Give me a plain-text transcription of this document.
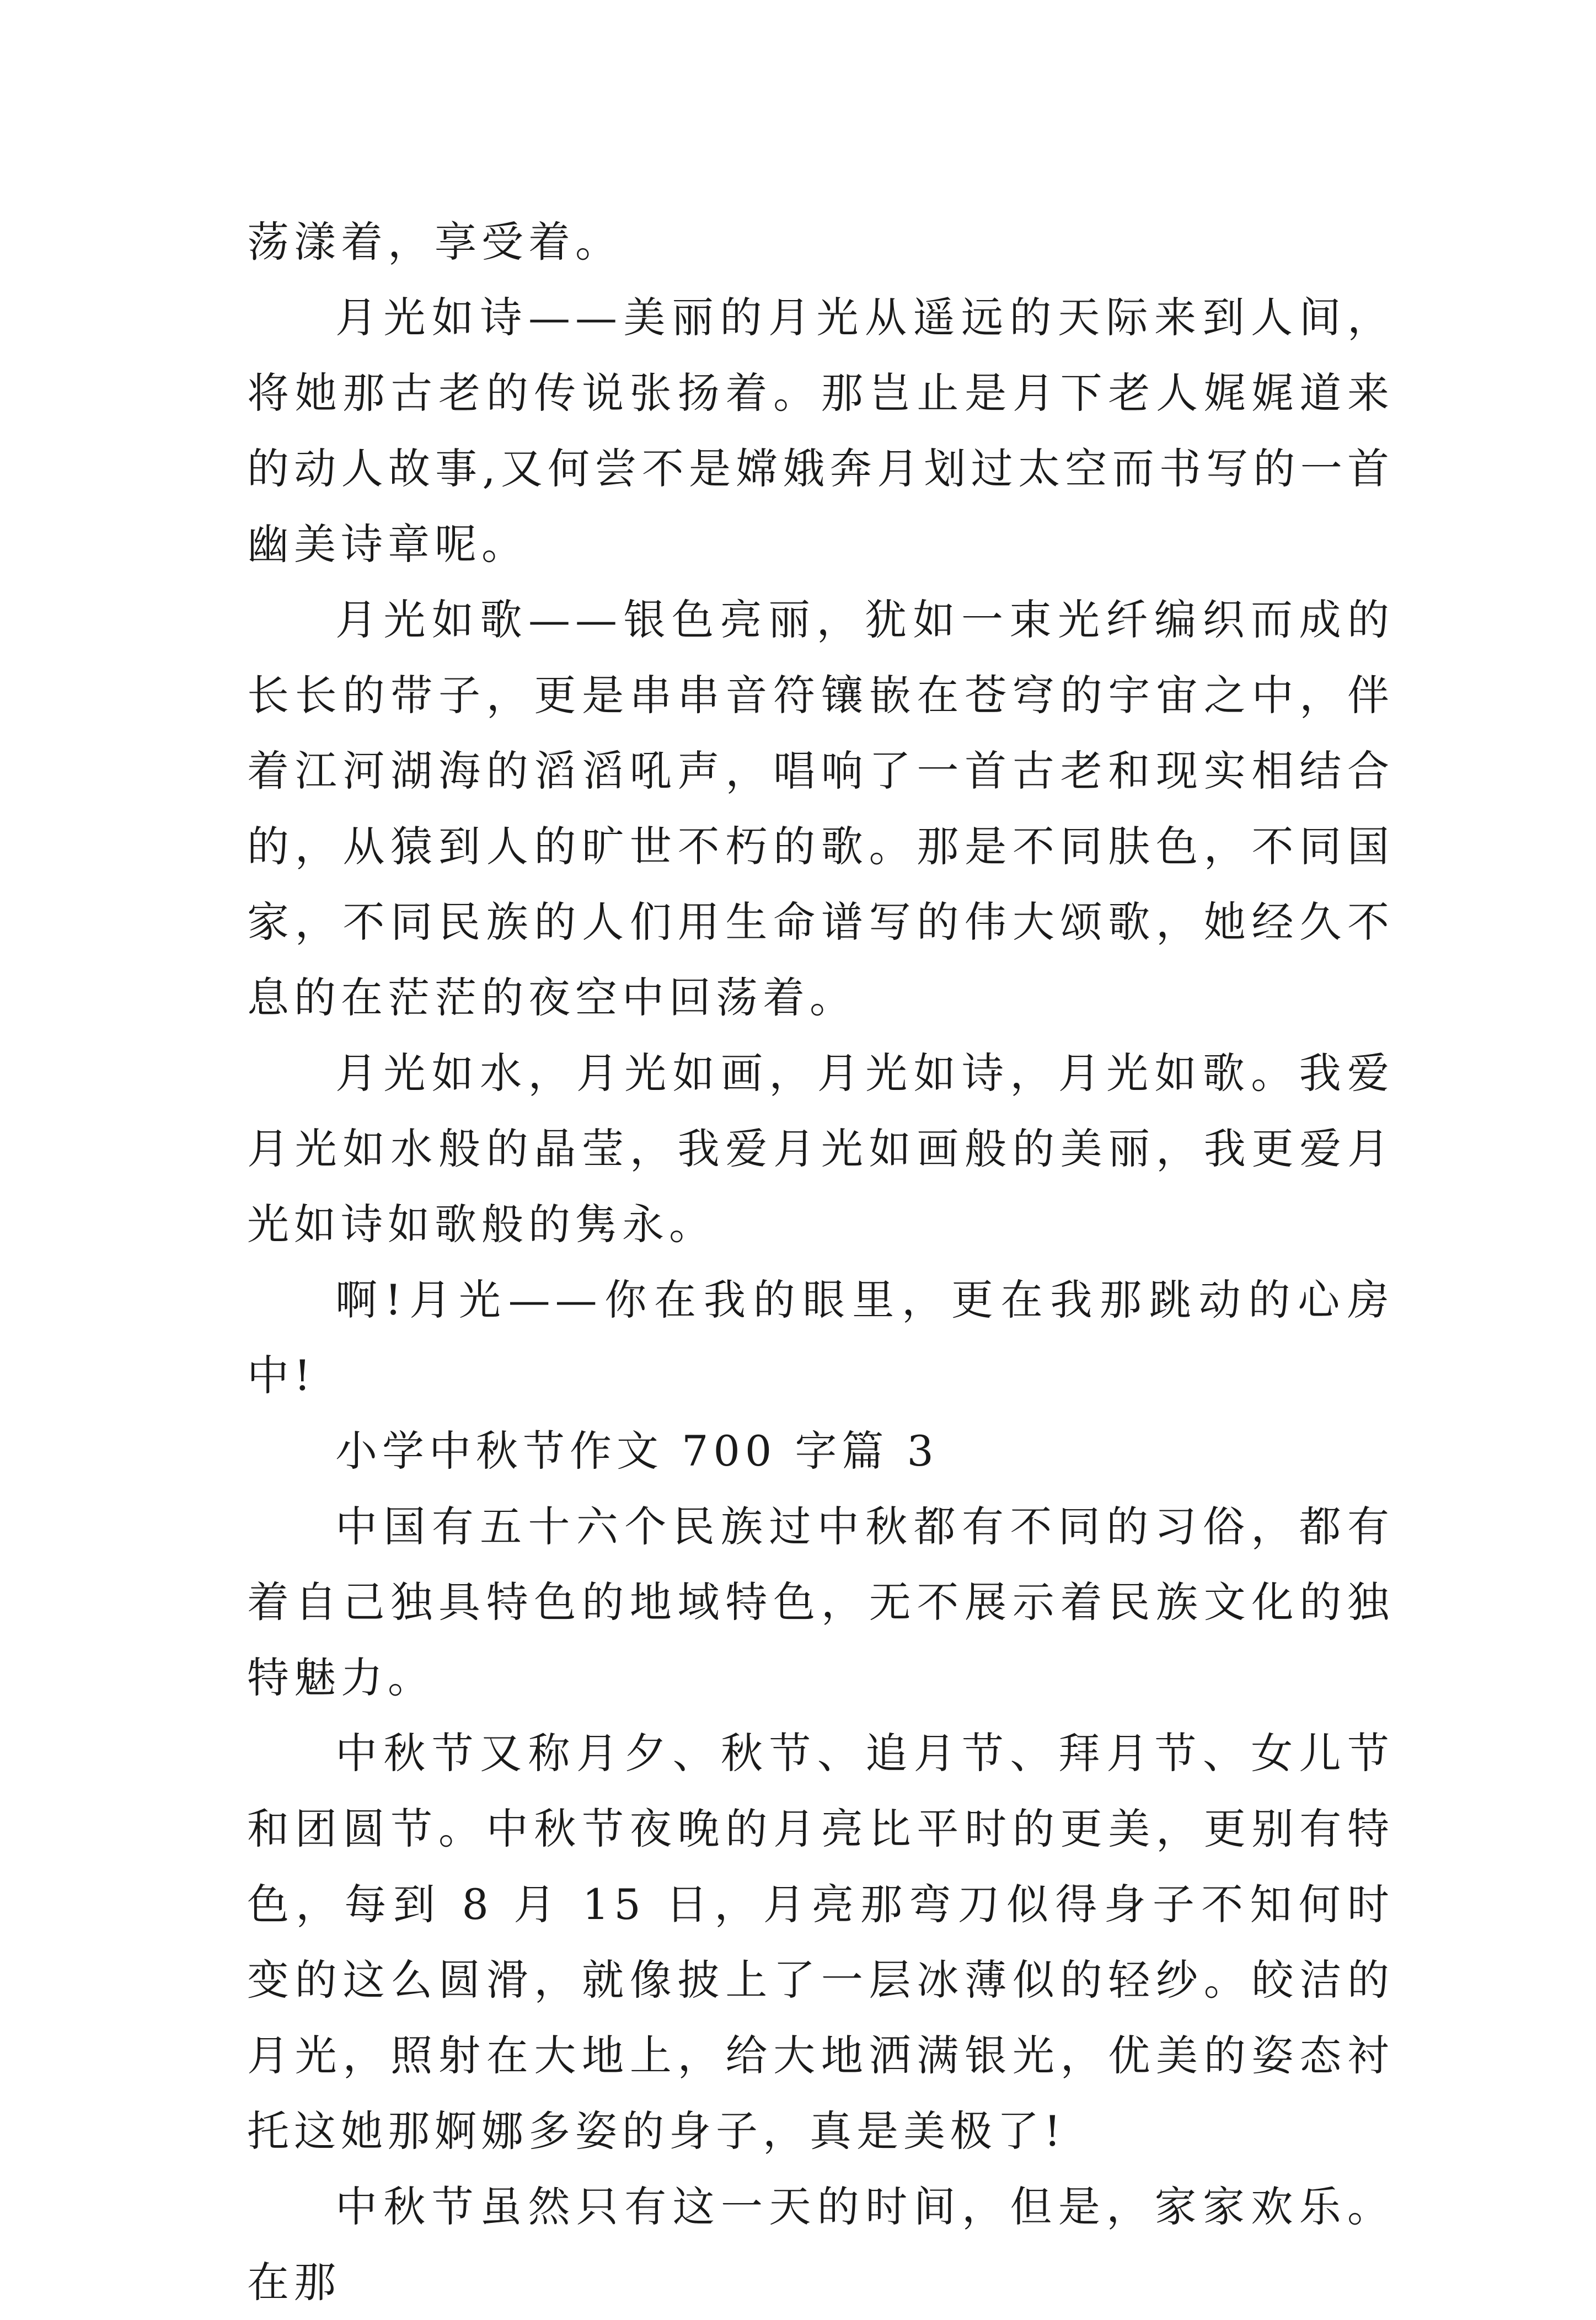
荡漾着，享受着。

月光如诗——美丽的月光从遥远的天际来到人间，将她那古老的传说张扬着。那岂止是月下老人娓娓道来的动人故事,又何尝不是嫦娥奔月划过太空而书写的一首幽美诗章呢。

月光如歌——银色亮丽，犹如一束光纤编织而成的长长的带子，更是串串音符镶嵌在苍穹的宇宙之中，伴着江河湖海的滔滔吼声，唱响了一首古老和现实相结合的，从猿到人的旷世不朽的歌。那是不同肤色，不同国家，不同民族的人们用生命谱写的伟大颂歌，她经久不息的在茫茫的夜空中回荡着。

月光如水，月光如画，月光如诗，月光如歌。我爱月光如水般的晶莹，我爱月光如画般的美丽，我更爱月光如诗如歌般的隽永。

啊!月光——你在我的眼里，更在我那跳动的心房中!

小学中秋节作文 700 字篇 3

中国有五十六个民族过中秋都有不同的习俗，都有着自己独具特色的地域特色，无不展示着民族文化的独特魅力。

中秋节又称月夕、秋节、追月节、拜月节、女儿节和团圆节。中秋节夜晚的月亮比平时的更美，更别有特色，每到 8 月 15 日，月亮那弯刀似得身子不知何时变的这么圆滑，就像披上了一层冰薄似的轻纱。皎洁的月光，照射在大地上，给大地洒满银光，优美的姿态衬托这她那婀娜多姿的身子，真是美极了!

中秋节虽然只有这一天的时间，但是，家家欢乐。在那
